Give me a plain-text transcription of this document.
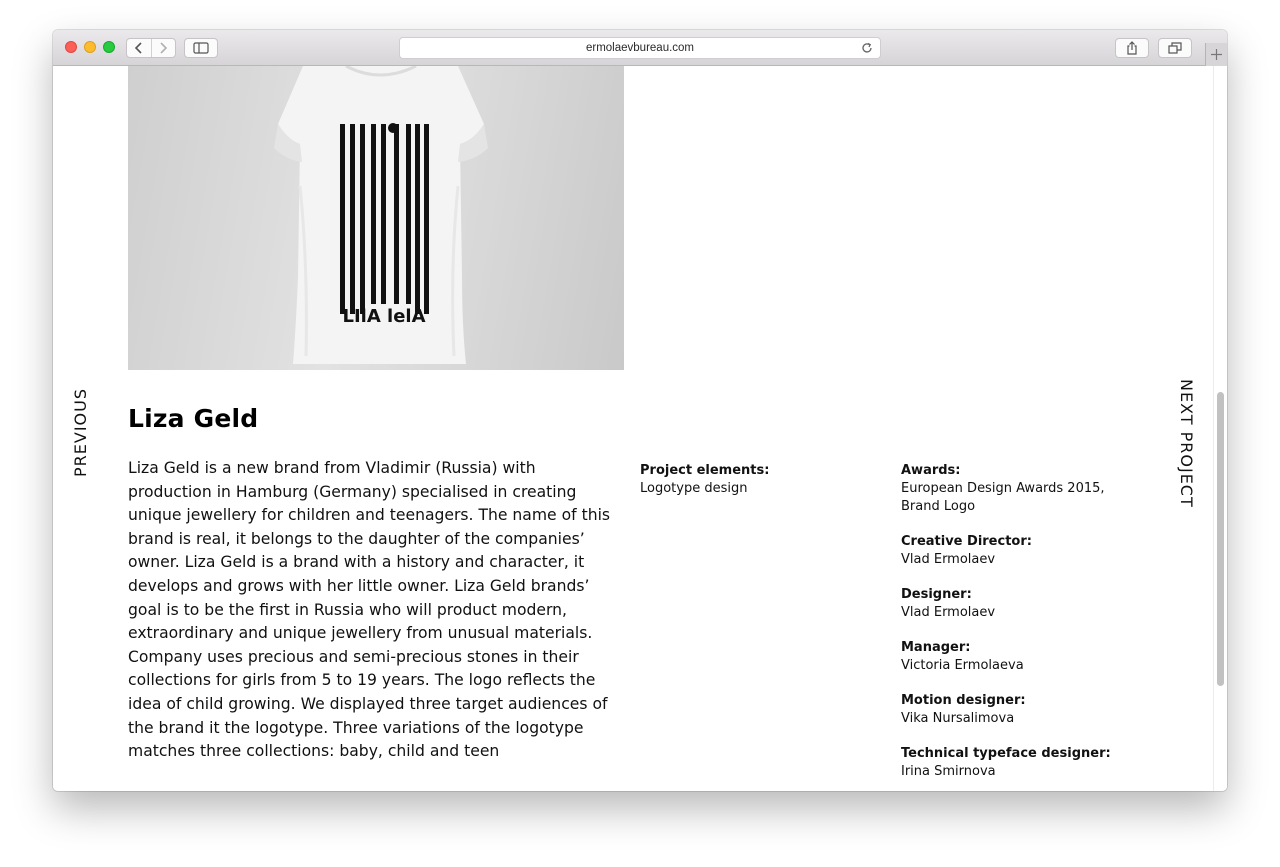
ermolaevbureau.com
LIlA lelA
PREVIOUS	NEXT PROJECT
Liza Geld

Liza Geld is a new brand from Vladimir (Russia) with production in Hamburg (Germany) specialised in creating unique jewellery for children and teenagers. The name of this brand is real, it belongs to the daughter of the companies’ owner. Liza Geld is a brand with a history and character, it develops and grows with her little owner. Liza Geld brands’ goal is to be the first in Russia who will product modern, extraordinary and unique jewellery from unusual materials. Company uses precious and semi-precious stones in their collections for girls from 5 to 19 years. The logo reflects the idea of child growing. We displayed three target audiences of the brand it the logotype. Three variations of the logotype matches three collections: baby, child and teen

Project elements:
Logotype design
Awards:
European Design Awards 2015, Brand Logo
Creative Director:
Vlad Ermolaev
Designer:
Vlad Ermolaev
Manager:
Victoria Ermolaeva
Motion designer:
Vika Nursalimova
Technical typeface designer:
Irina Smirnova
